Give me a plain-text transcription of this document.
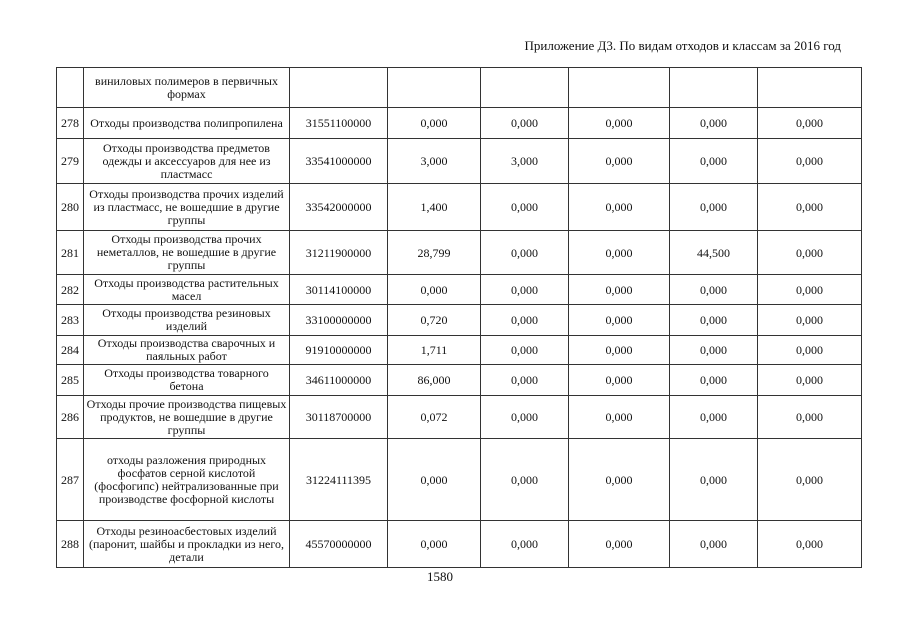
Приложение Д3. По видам отходов и классам за 2016 год
	виниловых полимеров в первичных формах						
278	Отходы производства полипропилена	31551100000	0,000	0,000	0,000	0,000	0,000
279	Отходы производства предметов одежды и аксессуаров для нее из пластмасс	33541000000	3,000	3,000	0,000	0,000	0,000
280	Отходы производства прочих изделий из пластмасс, не вошедшие в другие группы	33542000000	1,400	0,000	0,000	0,000	0,000
281	Отходы производства прочих неметаллов, не вошедшие в другие группы	31211900000	28,799	0,000	0,000	44,500	0,000
282	Отходы производства растительных масел	30114100000	0,000	0,000	0,000	0,000	0,000
283	Отходы производства резиновых изделий	33100000000	0,720	0,000	0,000	0,000	0,000
284	Отходы производства сварочных и паяльных работ	91910000000	1,711	0,000	0,000	0,000	0,000
285	Отходы производства товарного бетона	34611000000	86,000	0,000	0,000	0,000	0,000
286	Отходы прочие производства пищевых продуктов, не вошедшие в другие группы	30118700000	0,072	0,000	0,000	0,000	0,000
287	отходы разложения природных фосфатов серной кислотой (фосфогипс) нейтрализованные при производстве фосфорной кислоты	31224111395	0,000	0,000	0,000	0,000	0,000
288	Отходы резиноасбестовых изделий (паронит, шайбы и прокладки из него, детали	45570000000	0,000	0,000	0,000	0,000	0,000
1580
